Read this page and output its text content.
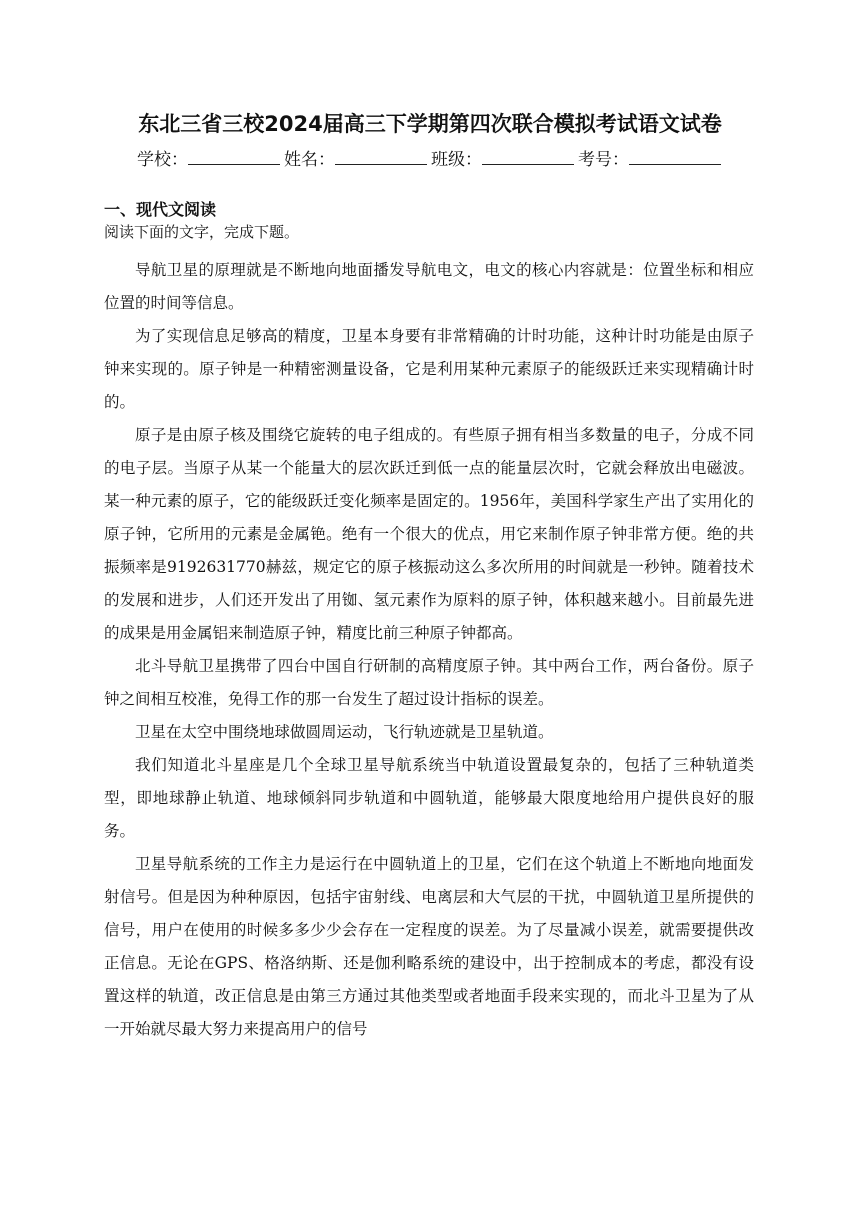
东北三省三校2024届高三下学期第四次联合模拟考试语文试卷
学校：	姓名：	班级：	考号：
一、现代文阅读
阅读下面的文字，完成下题。

导航卫星的原理就是不断地向地面播发导航电文，电文的核心内容就是：位置坐标和相应位置的时间等信息。

为了实现信息足够高的精度，卫星本身要有非常精确的计时功能，这种计时功能是由原子钟来实现的。原子钟是一种精密测量设备，它是利用某种元素原子的能级跃迁来实现精确计时的。

原子是由原子核及围绕它旋转的电子组成的。有些原子拥有相当多数量的电子，分成不同的电子层。当原子从某一个能量大的层次跃迁到低一点的能量层次时，它就会释放出电磁波。某一种元素的原子，它的能级跃迁变化频率是固定的。1956年，美国科学家生产出了实用化的原子钟，它所用的元素是金属铯。绝有一个很大的优点，用它来制作原子钟非常方便。绝的共振频率是9192631770赫兹，规定它的原子核振动这么多次所用的时间就是一秒钟。随着技术的发展和进步，人们还开发出了用铷、氢元素作为原料的原子钟，体积越来越小。目前最先进的成果是用金属铝来制造原子钟，精度比前三种原子钟都高。

北斗导航卫星携带了四台中国自行研制的高精度原子钟。其中两台工作，两台备份。原子钟之间相互校准，免得工作的那一台发生了超过设计指标的误差。

卫星在太空中围绕地球做圆周运动，飞行轨迹就是卫星轨道。

我们知道北斗星座是几个全球卫星导航系统当中轨道设置最复杂的，包括了三种轨道类型，即地球静止轨道、地球倾斜同步轨道和中圆轨道，能够最大限度地给用户提供良好的服务。

卫星导航系统的工作主力是运行在中圆轨道上的卫星，它们在这个轨道上不断地向地面发射信号。但是因为种种原因，包括宇宙射线、电离层和大气层的干扰，中圆轨道卫星所提供的信号，用户在使用的时候多多少少会存在一定程度的误差。为了尽量减小误差，就需要提供改正信息。无论在GPS、格洛纳斯、还是伽利略系统的建设中，出于控制成本的考虑，都没有设置这样的轨道，改正信息是由第三方通过其他类型或者地面手段来实现的，而北斗卫星为了从一开始就尽最大努力来提高用户的信号
